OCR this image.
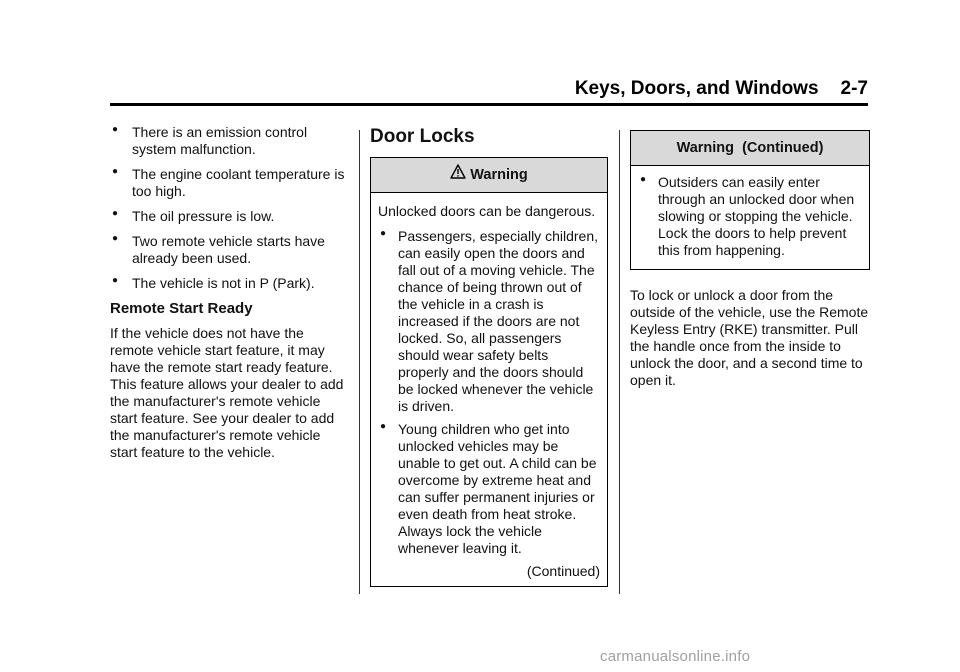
Keys, Doors, and Windows 2-7
● There is an emission control system malfunction.
● The engine coolant temperature is too high.
● The oil pressure is low.
● Two remote vehicle starts have already been used.
● The vehicle is not in P (Park).
Remote Start Ready

If the vehicle does not have the remote vehicle start feature, it may have the remote start ready feature. This feature allows your dealer to add the manufacturer's remote vehicle start feature. See your dealer to add the manufacturer's remote vehicle start feature to the vehicle.

Door Locks
Warning

Unlocked doors can be dangerous.

● Passengers, especially children, can easily open the doors and fall out of a moving vehicle. The chance of being thrown out of the vehicle in a crash is increased if the doors are not locked. So, all passengers should wear safety belts properly and the doors should be locked whenever the vehicle is driven.
● Young children who get into unlocked vehicles may be unable to get out. A child can be overcome by extreme heat and can suffer permanent injuries or even death from heat stroke. Always lock the vehicle whenever leaving it.
(Continued)
Warning  (Continued)
● Outsiders can easily enter through an unlocked door when slowing or stopping the vehicle. Lock the doors to help prevent this from happening.

To lock or unlock a door from the outside of the vehicle, use the Remote Keyless Entry (RKE) transmitter. Pull the handle once from the inside to unlock the door, and a second time to open it.

carmanualsonline.info
